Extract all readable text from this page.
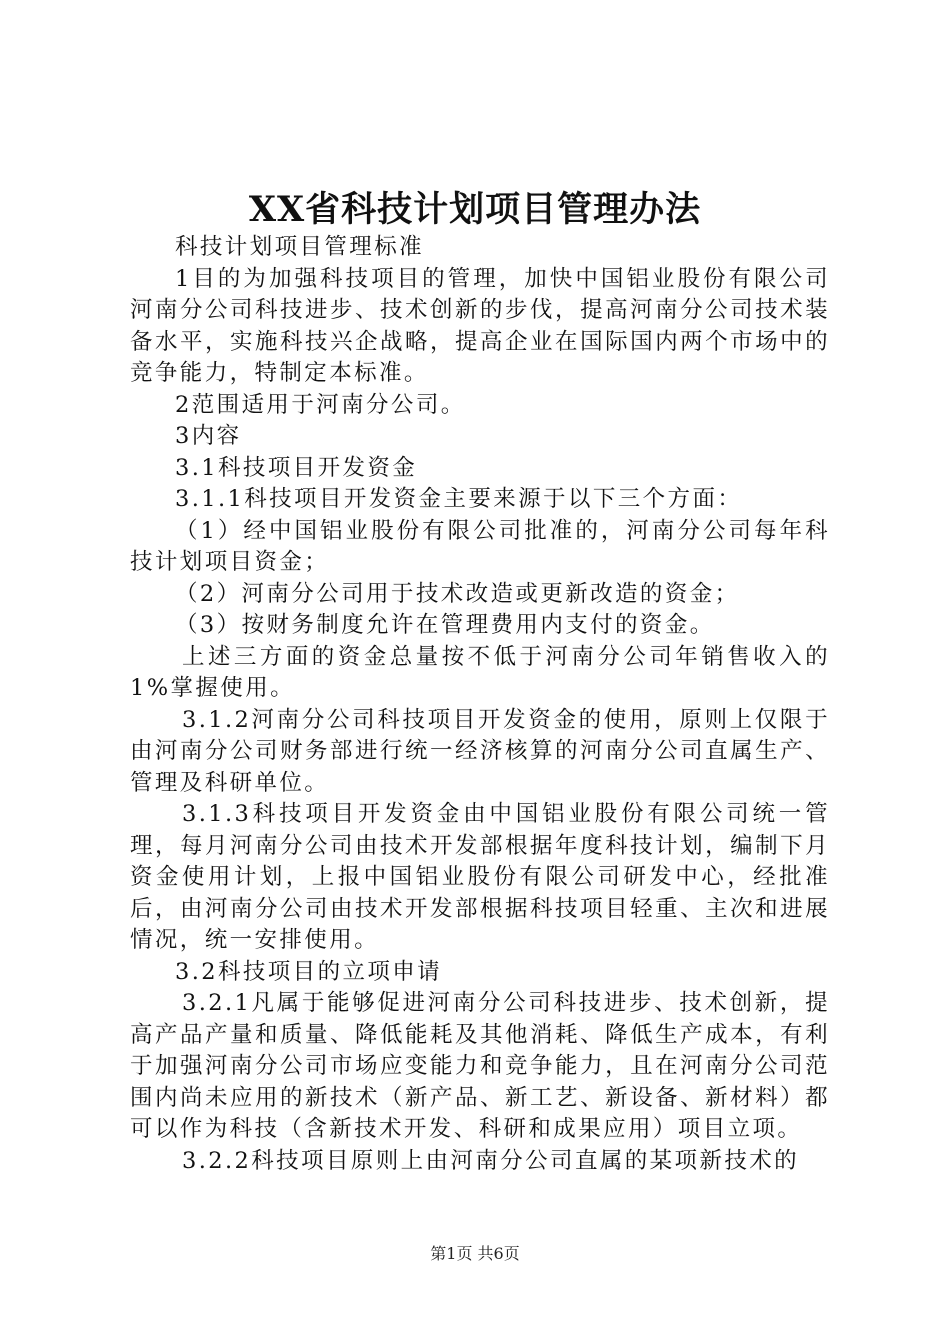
XX省科技计划项目管理办法

科技计划项目管理标准

1目的为加强科技项目的管理，加快中国铝业股份有限公司河南分公司科技进步、技术创新的步伐，提高河南分公司技术装备水平，实施科技兴企战略，提高企业在国际国内两个市场中的竞争能力，特制定本标准。

2范围适用于河南分公司。

3内容

3.1科技项目开发资金

3.1.1科技项目开发资金主要来源于以下三个方面：

（1）经中国铝业股份有限公司批准的，河南分公司每年科技计划项目资金；

（2）河南分公司用于技术改造或更新改造的资金；

（3）按财务制度允许在管理费用内支付的资金。

上述三方面的资金总量按不低于河南分公司年销售收入的1%掌握使用。

3.1.2河南分公司科技项目开发资金的使用，原则上仅限于由河南分公司财务部进行统一经济核算的河南分公司直属生产、管理及科研单位。

3.1.3科技项目开发资金由中国铝业股份有限公司统一管理，每月河南分公司由技术开发部根据年度科技计划，编制下月资金使用计划，上报中国铝业股份有限公司研发中心，经批准后，由河南分公司由技术开发部根据科技项目轻重、主次和进展情况，统一安排使用。

3.2科技项目的立项申请

3.2.1凡属于能够促进河南分公司科技进步、技术创新，提高产品产量和质量、降低能耗及其他消耗、降低生产成本，有利于加强河南分公司市场应变能力和竞争能力，且在河南分公司范围内尚未应用的新技术（新产品、新工艺、新设备、新材料）都可以作为科技（含新技术开发、科研和成果应用）项目立项。

3.2.2科技项目原则上由河南分公司直属的某项新技术的

第1页 共6页
